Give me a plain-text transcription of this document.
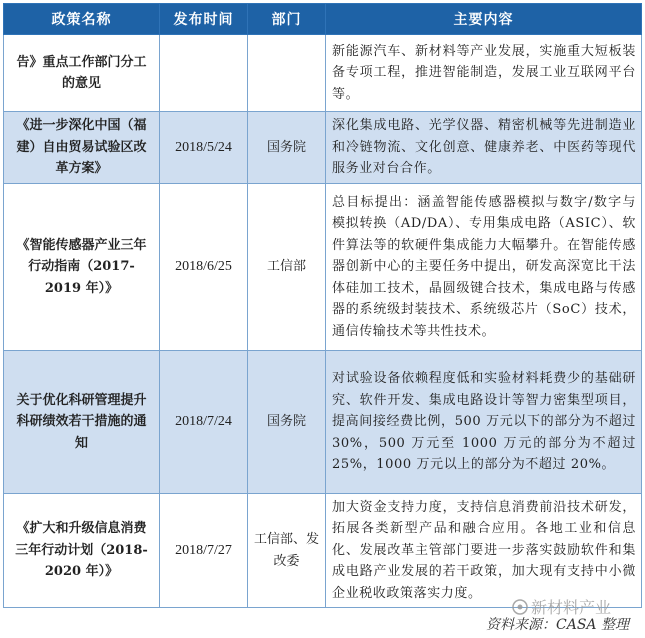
政策名称	发布时间	部门	主要内容
告》重点工作部门分工的意见			新能源汽车、新材料等产业发展，实施重大短板装备专项工程，推进智能制造，发展工业互联网平台等。
《进一步深化中国（福建）自由贸易试验区改革方案》	2018/5/24	国务院	深化集成电路、光学仪器、精密机械等先进制造业和冷链物流、文化创意、健康养老、中医药等现代服务业对台合作。
《智能传感器产业三年行动指南（2017-2019 年）》	2018/6/25	工信部	总目标提出：涵盖智能传感器模拟与数字/数字与模拟转换（AD/DA）、专用集成电路（ASIC）、软件算法等的软硬件集成能力大幅攀升。在智能传感器创新中心的主要任务中提出，研发高深宽比干法体硅加工技术，晶圆级键合技术，集成电路与传感器的系统级封装技术、系统级芯片（SoC）技术，通信传输技术等共性技术。
关于优化科研管理提升科研绩效若干措施的通知	2018/7/24	国务院	对试验设备依赖程度低和实验材料耗费少的基础研究、软件开发、集成电路设计等智力密集型项目，提高间接经费比例，500 万元以下的部分为不超过 30%，500 万元至 1000 万元的部分为不超过 25%，1000 万元以上的部分为不超过 20%。
《扩大和升级信息消费三年行动计划（2018-2020 年）》	2018/7/27	工信部、发改委	加大资金支持力度，支持信息消费前沿技术研发，拓展各类新型产品和融合应用。各地工业和信息化、发展改革主管部门要进一步落实鼓励软件和集成电路产业发展的若干政策，加大现有支持中小微企业税收政策落实力度。
新材料产业
资料来源：CASA 整理
